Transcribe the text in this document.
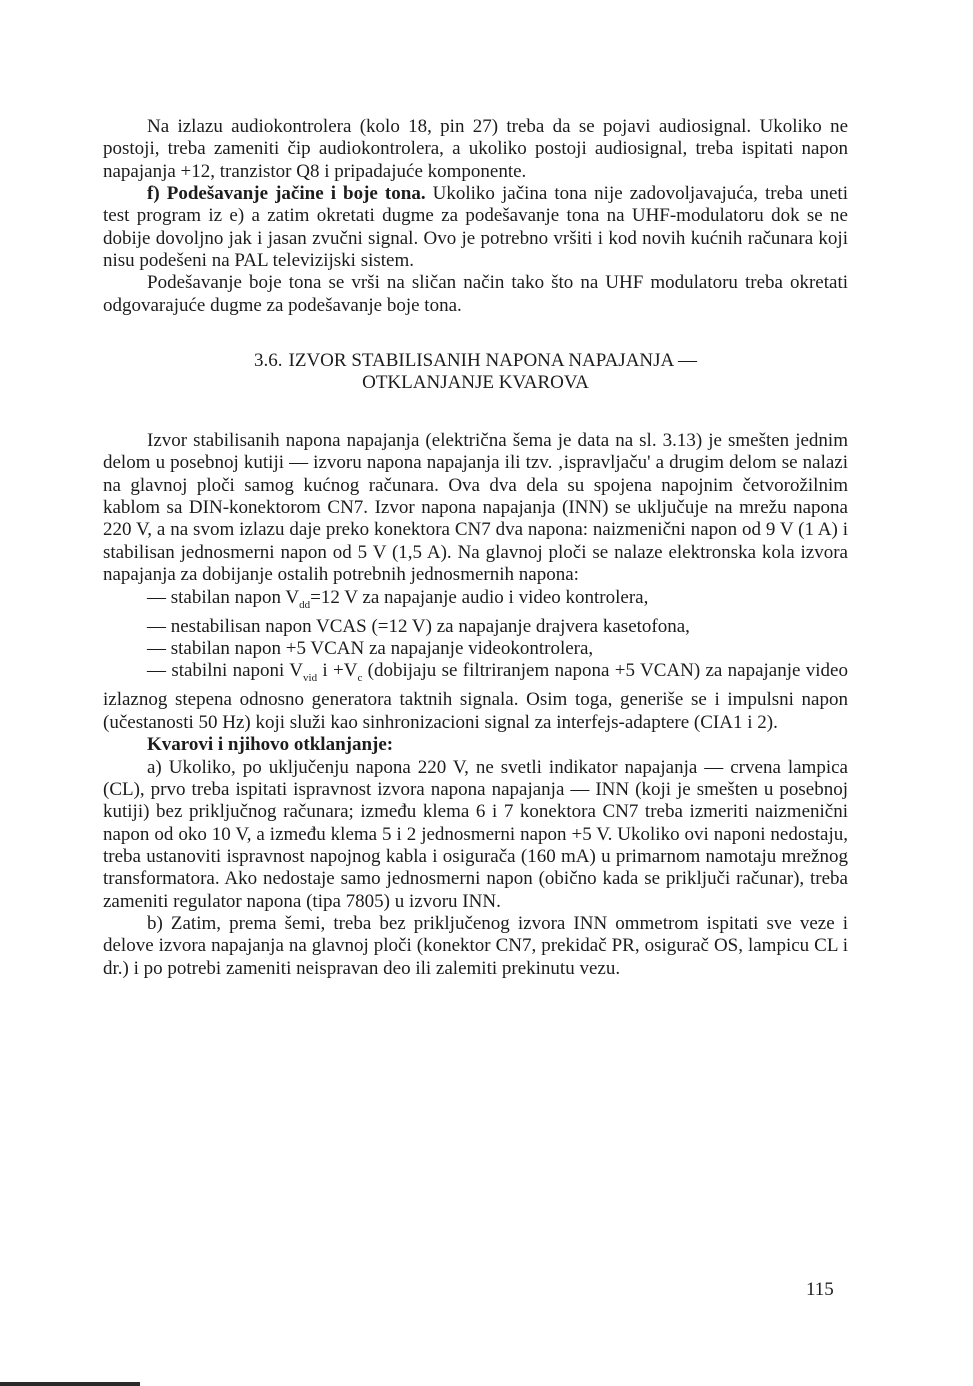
Na izlazu audiokontrolera (kolo 18, pin 27) treba da se pojavi audiosignal. Ukoliko ne postoji, treba zameniti čip audiokontrolera, a ukoliko postoji audiosignal, treba ispitati napon napajanja +12, tranzistor Q8 i pripadajuće komponente.

f) Podešavanje jačine i boje tona. Ukoliko jačina tona nije zadovoljavajuća, treba uneti test program iz e) a zatim okretati dugme za podešavanje tona na UHF-modulatoru dok se ne dobije dovoljno jak i jasan zvučni signal. Ovo je potrebno vršiti i kod novih kućnih računara koji nisu podešeni na PAL televizijski sistem.

Podešavanje boje tona se vrši na sličan način tako što na UHF modulatoru treba okretati odgovarajuće dugme za podešavanje boje tona.

3.6. IZVOR STABILISANIH NAPONA NAPAJANJA —
OTKLANJANJE KVAROVA

Izvor stabilisanih napona napajanja (električna šema je data na sl. 3.13) je smešten jednim delom u posebnoj kutiji — izvoru napona napajanja ili tzv. ‚ispravljaču' a drugim delom se nalazi na glavnoj ploči samog kućnog računara. Ova dva dela su spojena napojnim četvorožilnim kablom sa DIN-konektorom CN7. Izvor napona napajanja (INN) se uključuje na mrežu napona 220 V, a na svom izlazu daje preko konektora CN7 dva napona: naizmenični napon od 9 V (1 A) i stabilisan jednosmerni napon od 5 V (1,5 A). Na glavnoj ploči se nalaze elektronska kola izvora napajanja za dobijanje ostalih potrebnih jednosmernih napona:

— stabilan napon $V_{dd}=12$ V za napajanje audio i video kontrolera,

— nestabilisan napon VCAS (=12 V) za napajanje drajvera kasetofona,

— stabilan napon +5 VCAN za napajanje videokontrolera,

— stabilni naponi $V_{vid}$ $i +V_c$ (dobijaju se filtriranjem napona +5 VCAN) za napajanje video izlaznog stepena odnosno generatora taktnih signala. Osim toga, generiše se i impulsni napon (učestanosti 50 Hz) koji služi kao sinhronizacioni signal za interfejs-adaptere (CIA1 i 2).

Kvarovi i njihovo otklanjanje:

a) Ukoliko, po uključenju napona 220 V, ne svetli indikator napajanja — crvena lampica (CL), prvo treba ispitati ispravnost izvora napona napajanja — INN (koji je smešten u posebnoj kutiji) bez priključnog računara; između klema 6 i 7 konektora CN7 treba izmeriti naizmenični napon od oko 10 V, a između klema 5 i 2 jednosmerni napon +5 V. Ukoliko ovi naponi nedostaju, treba ustanoviti ispravnost napojnog kabla i osigurača (160 mA) u primarnom namotaju mrežnog transformatora. Ako nedostaje samo jednosmerni napon (obično kada se priključi računar), treba zameniti regulator napona (tipa 7805) u izvoru INN.

b) Zatim, prema šemi, treba bez priključenog izvora INN ommetrom ispitati sve veze i delove izvora napajanja na glavnoj ploči (konektor CN7, prekidač PR, osigurač OS, lampicu CL i dr.) i po potrebi zameniti neispravan deo ili zalemiti prekinutu vezu.

115
